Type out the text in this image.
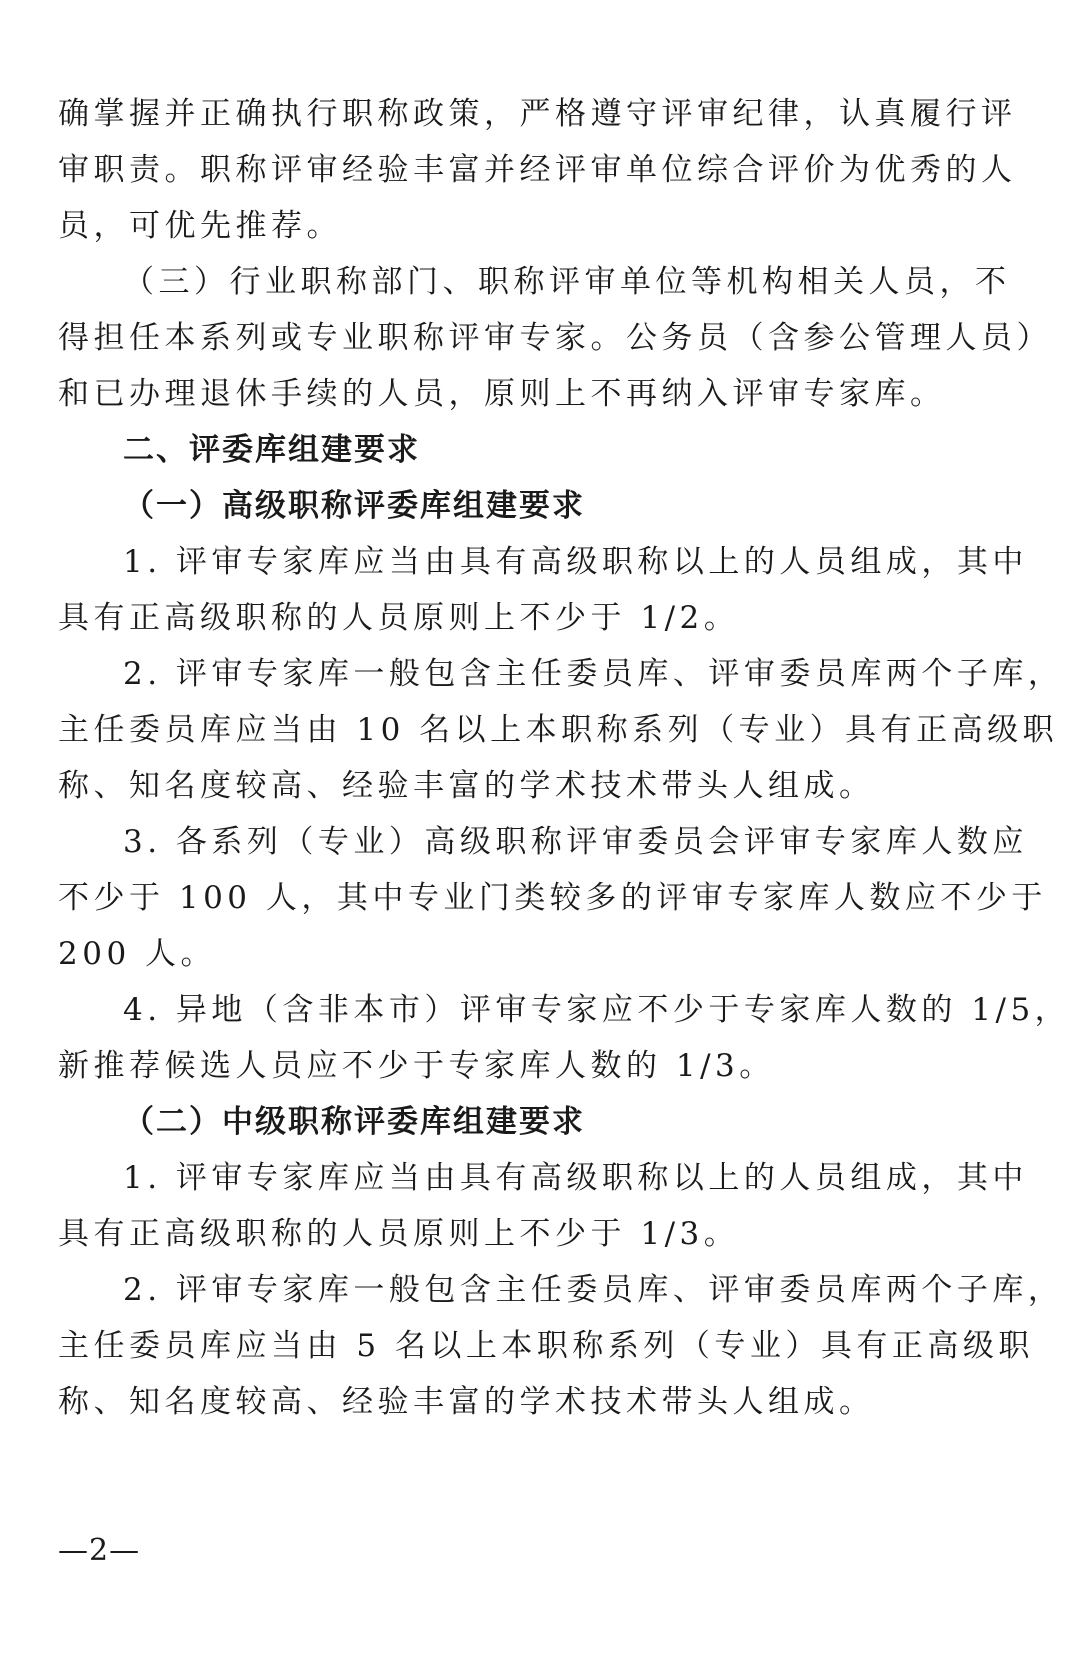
确掌握并正确执行职称政策，严格遵守评审纪律，认真履行评
审职责。职称评审经验丰富并经评审单位综合评价为优秀的人
员，可优先推荐。
（三）行业职称部门、职称评审单位等机构相关人员，不
得担任本系列或专业职称评审专家。公务员（含参公管理人员）
和已办理退休手续的人员，原则上不再纳入评审专家库。
二、评委库组建要求
（一）高级职称评委库组建要求
1. 评审专家库应当由具有高级职称以上的人员组成，其中
具有正高级职称的人员原则上不少于 1/2。
2. 评审专家库一般包含主任委员库、评审委员库两个子库，
主任委员库应当由 10 名以上本职称系列（专业）具有正高级职
称、知名度较高、经验丰富的学术技术带头人组成。
3. 各系列（专业）高级职称评审委员会评审专家库人数应
不少于 100 人，其中专业门类较多的评审专家库人数应不少于
200 人。
4. 异地（含非本市）评审专家应不少于专家库人数的 1/5，
新推荐候选人员应不少于专家库人数的 1/3。
（二）中级职称评委库组建要求
1. 评审专家库应当由具有高级职称以上的人员组成，其中
具有正高级职称的人员原则上不少于 1/3。
2. 评审专家库一般包含主任委员库、评审委员库两个子库，
主任委员库应当由 5 名以上本职称系列（专业）具有正高级职
称、知名度较高、经验丰富的学术技术带头人组成。
—2—
